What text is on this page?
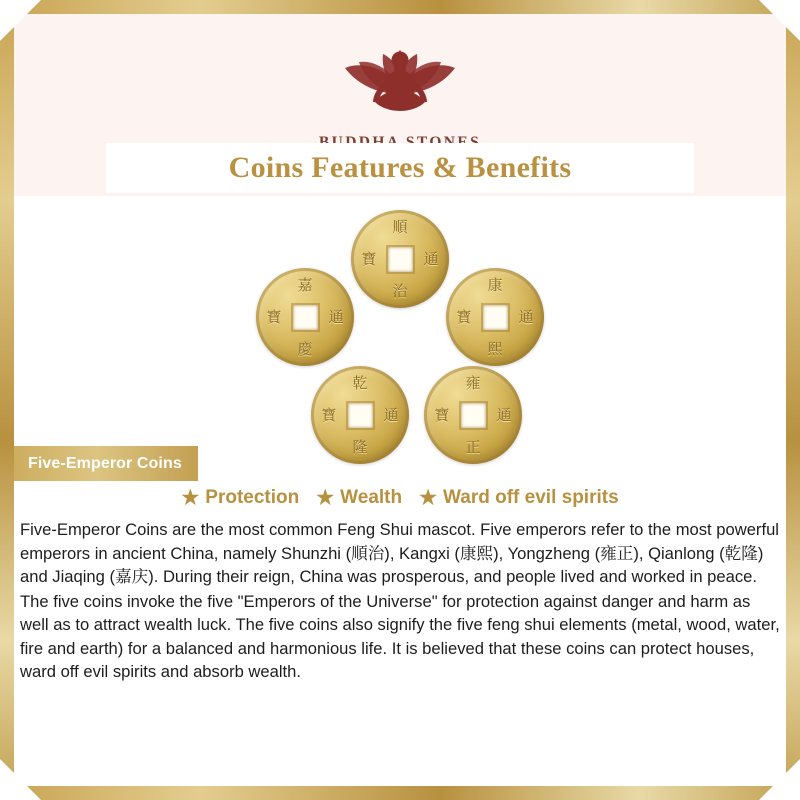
Coins Features & Benefits
順
治
寶	通
康
熙
寶	通
嘉
慶
寶	通
乾
隆
寶	通
雍
正
寶	通
Five-Emperor Coins
★ Protection ★ Wealth ★ Ward off evil spirits

Five-Emperor Coins are the most common Feng Shui mascot. Five emperors refer to the most powerful emperors in ancient China, namely Shunzhi (順治), Kangxi (康熙), Yongzheng (雍正), Qianlong (乾隆) and Jiaqing (嘉庆). During their reign, China was prosperous, and people lived and worked in peace.

The five coins invoke the five "Emperors of the Universe" for protection against danger and harm as well as to attract wealth luck. The five coins also signify the five feng shui elements (metal, wood, water, fire and earth) for a balanced and harmonious life. It is believed that these coins can protect houses, ward off evil spirits and absorb wealth.
